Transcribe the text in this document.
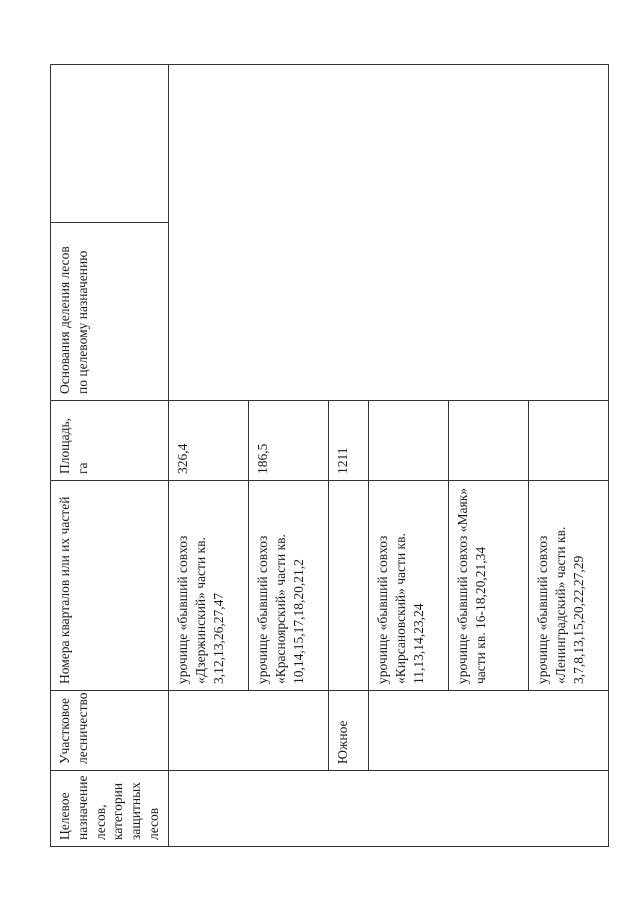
Целевое назначение лесов, категории защитных лесов	Участковое лесничество	Номера кварталов или их частей	Площадь, га	Основания деления лесов по целевому назначению	
		урочище «бывший совхоз «Дзержинский» части кв. 3,12,13,26,27,47	326,4		
		урочище «бывший совхоз «Красноярский» части кв. 10,14,15,17,18,20,21,2	186,5		
	Южное		1211		
		урочище «бывший совхоз «Кирсановский» части кв. 11,13,14,23,24			
		урочище «бывший совхоз «Маяк» части кв. 16-18,20,21,34			
		урочище «бывший совхоз «Ленинградский» части кв. 3,7,8,13,15,20,22,27,29			
